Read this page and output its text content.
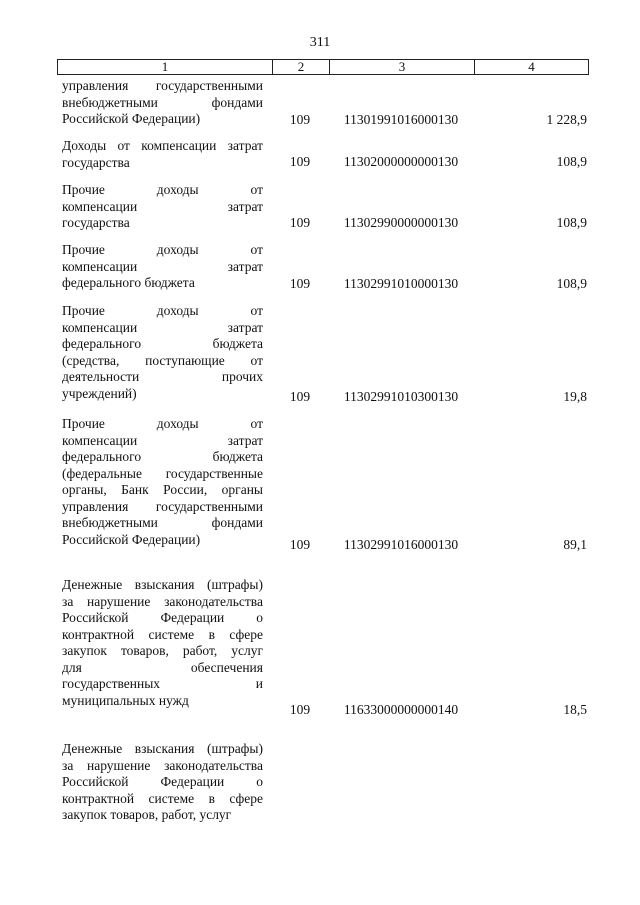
311
1	2	3	4
управления государственными
внебюджетными фондами
Российской Федерации)	109	11301991016000130	1 228,9
Доходы от компенсации затрат
государства	109	11302000000000130	108,9
Прочие доходы от
компенсации затрат
государства	109	11302990000000130	108,9
Прочие доходы от
компенсации затрат
федерального бюджета	109	11302991010000130	108,9
Прочие доходы от
компенсации затрат
федерального бюджета
(средства, поступающие от
деятельности прочих
учреждений)	109	11302991010300130	19,8
Прочие доходы от
компенсации затрат
федерального бюджета
(федеральные государственные
органы, Банк России, органы
управления государственными
внебюджетными фондами
Российской Федерации)	109	11302991016000130	89,1
Денежные взыскания (штрафы)
за нарушение законодательства
Российской Федерации о
контрактной системе в сфере
закупок товаров, работ, услуг
для обеспечения
государственных и
муниципальных нужд
109	11633000000000140	18,5
Денежные взыскания (штрафы)
за нарушение законодательства
Российской Федерации о
контрактной системе в сфере
закупок товаров, работ, услуг
